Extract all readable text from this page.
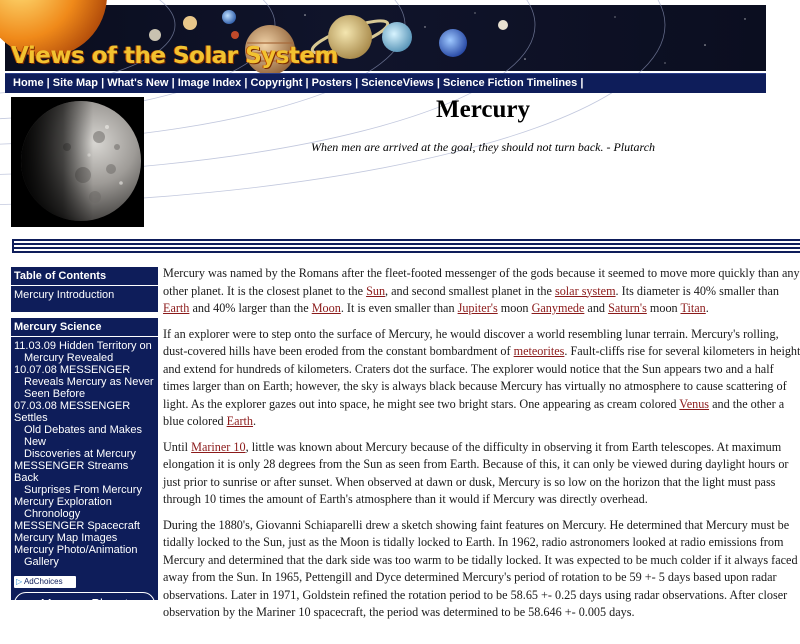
Views of the Solar System
Home | Site Map | What's New | Image Index | Copyright | Posters | ScienceViews | Science Fiction Timelines |
Mercury
When men are arrived at the goal, they should not turn back. - Plutarch
Table of Contents
Mercury Introduction
Mercury Science
11.03.09 Hidden Territory on
Mercury Revealed
10.07.08 MESSENGER
Reveals Mercury as Never
Seen Before
07.03.08 MESSENGER Settles
Old Debates and Makes New
Discoveries at Mercury
MESSENGER Streams Back
Surprises From Mercury
Mercury Exploration
Chronology
MESSENGER Spacecraft
Mercury Map Images
Mercury Photo/Animation
Gallery
▷ AdChoices
Mercury Planet

Mercury was named by the Romans after the fleet-footed messenger of the gods because it seemed to move more quickly than any
other planet. It is the closest planet to the Sun, and second smallest planet in the solar system. Its diameter is 40% smaller than
Earth and 40% larger than the Moon. It is even smaller than Jupiter's moon Ganymede and Saturn's moon Titan.

If an explorer were to step onto the surface of Mercury, he would discover a world resembling lunar terrain. Mercury's rolling,
dust-covered hills have been eroded from the constant bombardment of meteorites. Fault-cliffs rise for several kilometers in height
and extend for hundreds of kilometers. Craters dot the surface. The explorer would notice that the Sun appears two and a half
times larger than on Earth; however, the sky is always black because Mercury has virtually no atmosphere to cause scattering of
light. As the explorer gazes out into space, he might see two bright stars. One appearing as cream colored Venus and the other a
blue colored Earth.

Until Mariner 10, little was known about Mercury because of the difficulty in observing it from Earth telescopes. At maximum
elongation it is only 28 degrees from the Sun as seen from Earth. Because of this, it can only be viewed during daylight hours or
just prior to sunrise or after sunset. When observed at dawn or dusk, Mercury is so low on the horizon that the light must pass
through 10 times the amount of Earth's atmosphere than it would if Mercury was directly overhead.

During the 1880's, Giovanni Schiaparelli drew a sketch showing faint features on Mercury. He determined that Mercury must be
tidally locked to the Sun, just as the Moon is tidally locked to Earth. In 1962, radio astronomers looked at radio emissions from
Mercury and determined that the dark side was too warm to be tidally locked. It was expected to be much colder if it always faced
away from the Sun. In 1965, Pettengill and Dyce determined Mercury's period of rotation to be 59 +- 5 days based upon radar
observations. Later in 1971, Goldstein refined the rotation period to be 58.65 +- 0.25 days using radar observations. After closer
observation by the Mariner 10 spacecraft, the period was determined to be 58.646 +- 0.005 days.
